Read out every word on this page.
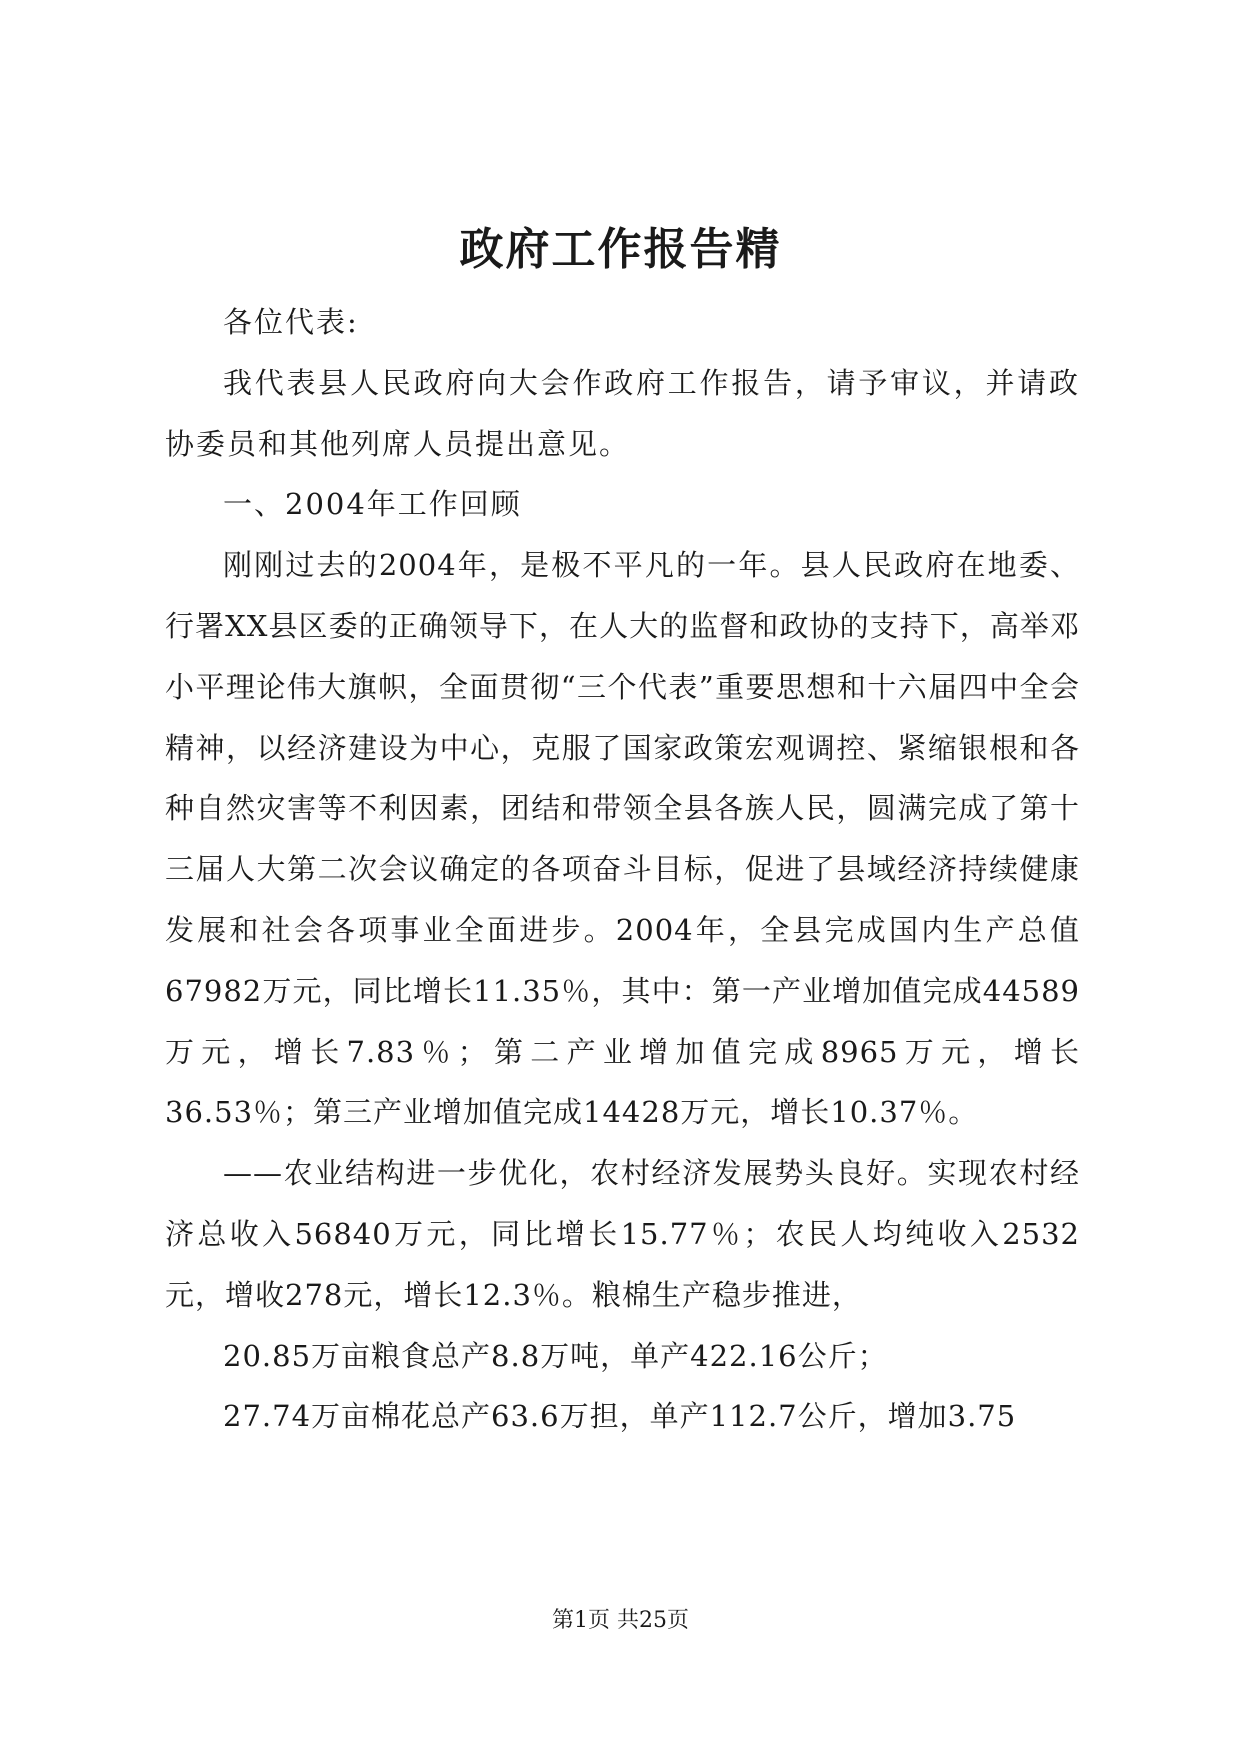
政府工作报告精

各位代表:

我代表县人民政府向大会作政府工作报告，请予审议，并请政协委员和其他列席人员提出意见。

一、2004年工作回顾

刚刚过去的2004年，是极不平凡的一年。县人民政府在地委、行署XX县区委的正确领导下，在人大的监督和政协的支持下，高举邓小平理论伟大旗帜，全面贯彻“三个代表”重要思想和十六届四中全会精神，以经济建设为中心，克服了国家政策宏观调控、紧缩银根和各种自然灾害等不利因素，团结和带领全县各族人民，圆满完成了第十三届人大第二次会议确定的各项奋斗目标，促进了县域经济持续健康发展和社会各项事业全面进步。2004年，全县完成国内生产总值67982万元，同比增长11.35％，其中：第一产业增加值完成44589万元，增长7.83％；第二产业增加值完成8965万元，增长36.53％；第三产业增加值完成14428万元，增长10.37％。

——农业结构进一步优化，农村经济发展势头良好。实现农村经济总收入56840万元，同比增长15.77％；农民人均纯收入2532元，增收278元，增长12.3％。粮棉生产稳步推进，

20.85万亩粮食总产8.8万吨，单产422.16公斤；

27.74万亩棉花总产63.6万担，单产112.7公斤，增加3.75

第1页 共25页
